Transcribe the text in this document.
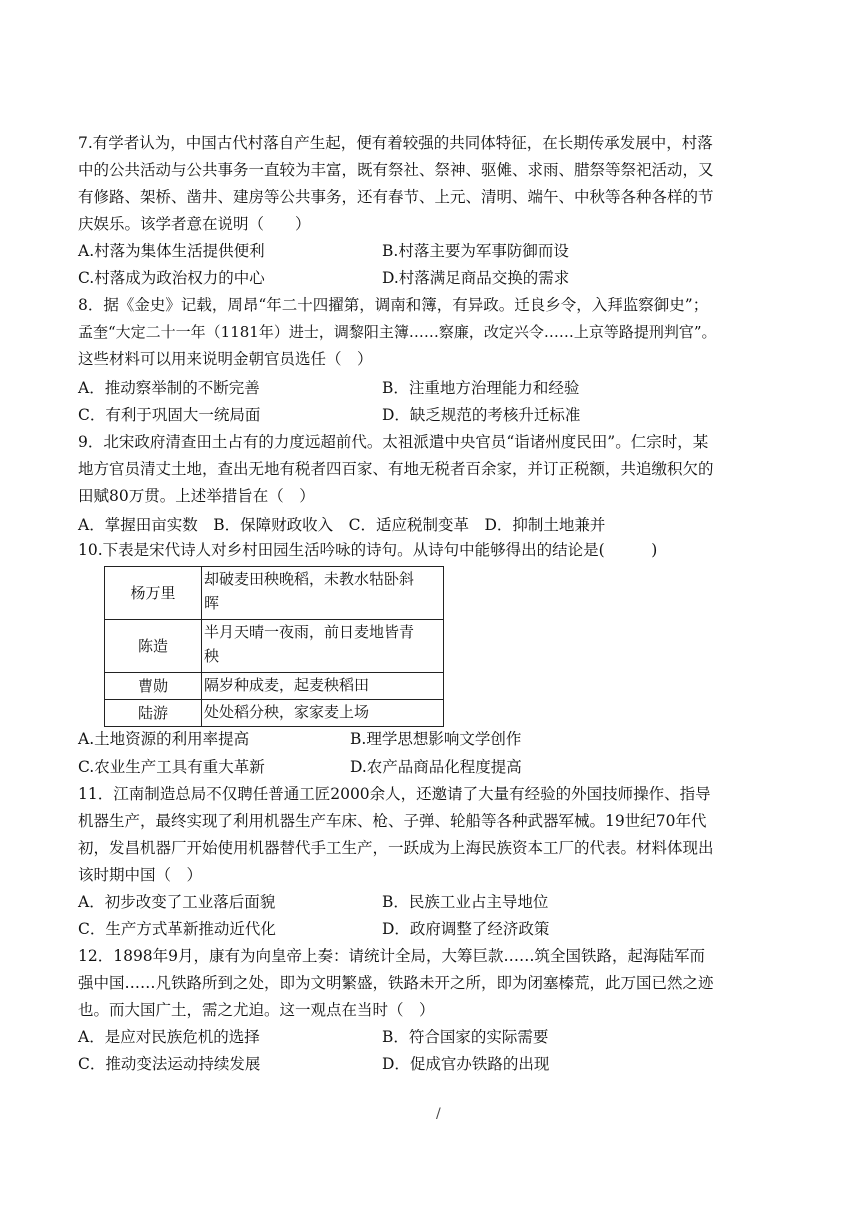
7.有学者认为，中国古代村落自产生起，便有着较强的共同体特征，在长期传承发展中，村落
中的公共活动与公共事务一直较为丰富，既有祭社、祭神、驱傩、求雨、腊祭等祭祀活动，又
有修路、架桥、凿井、建房等公共事务，还有春节、上元、清明、端午、中秋等各种各样的节
庆娱乐。该学者意在说明（　　）
A.村落为集体生活提供便利	B.村落主要为军事防御而设
C.村落成为政治权力的中心	D.村落满足商品交换的需求
8．据《金史》记载，周昂“年二十四擢第，调南和簿，有异政。迁良乡令，入拜监察御史”；
孟奎“大定二十一年（1181年）进士，调黎阳主簿……察廉，改定兴令……上京等路提刑判官”。
这些材料可以用来说明金朝官员选任（　）
A．推动察举制的不断完善	B．注重地方治理能力和经验
C．有利于巩固大一统局面	D．缺乏规范的考核升迁标准
9．北宋政府清查田土占有的力度远超前代。太祖派遣中央官员“诣诸州度民田”。仁宗时，某
地方官员清丈土地，查出无地有税者四百家、有地无税者百余家，并订正税额，共追缴积欠的
田赋80万贯。上述举措旨在（　）
A．掌握田亩实数　B．保障财政收入　C．适应税制变革　D．抑制土地兼并
10.下表是宋代诗人对乡村田园生活吟咏的诗句。从诗句中能够得出的结论是(　　　)
杨万里	却破麦田秧晚稻，未教水牯卧斜
晖

陈造	半月天晴一夜雨，前日麦地皆青
秧

曹勋	隔岁种成麦，起麦秧稻田

陆游	处处稻分秧，家家麦上场
A.土地资源的利用率提高	B.理学思想影响文学创作
C.农业生产工具有重大革新	D.农产品商品化程度提高
11．江南制造总局不仅聘任普通工匠2000余人，还邀请了大量有经验的外国技师操作、指导
机器生产，最终实现了利用机器生产车床、枪、子弹、轮船等各种武器军械。19世纪70年代
初，发昌机器厂开始使用机器替代手工生产，一跃成为上海民族资本工厂的代表。材料体现出
该时期中国（　）
A．初步改变了工业落后面貌	B．民族工业占主导地位
C．生产方式革新推动近代化	D．政府调整了经济政策
12．1898年9月，康有为向皇帝上奏：请统计全局，大筹巨款……筑全国铁路，起海陆军而
强中国……凡铁路所到之处，即为文明繁盛，铁路未开之所，即为闭塞榛荒，此万国已然之迹
也。而大国广土，需之尤迫。这一观点在当时（　）
A．是应对民族危机的选择	B．符合国家的实际需要
C．推动变法运动持续发展	D．促成官办铁路的出现
/
